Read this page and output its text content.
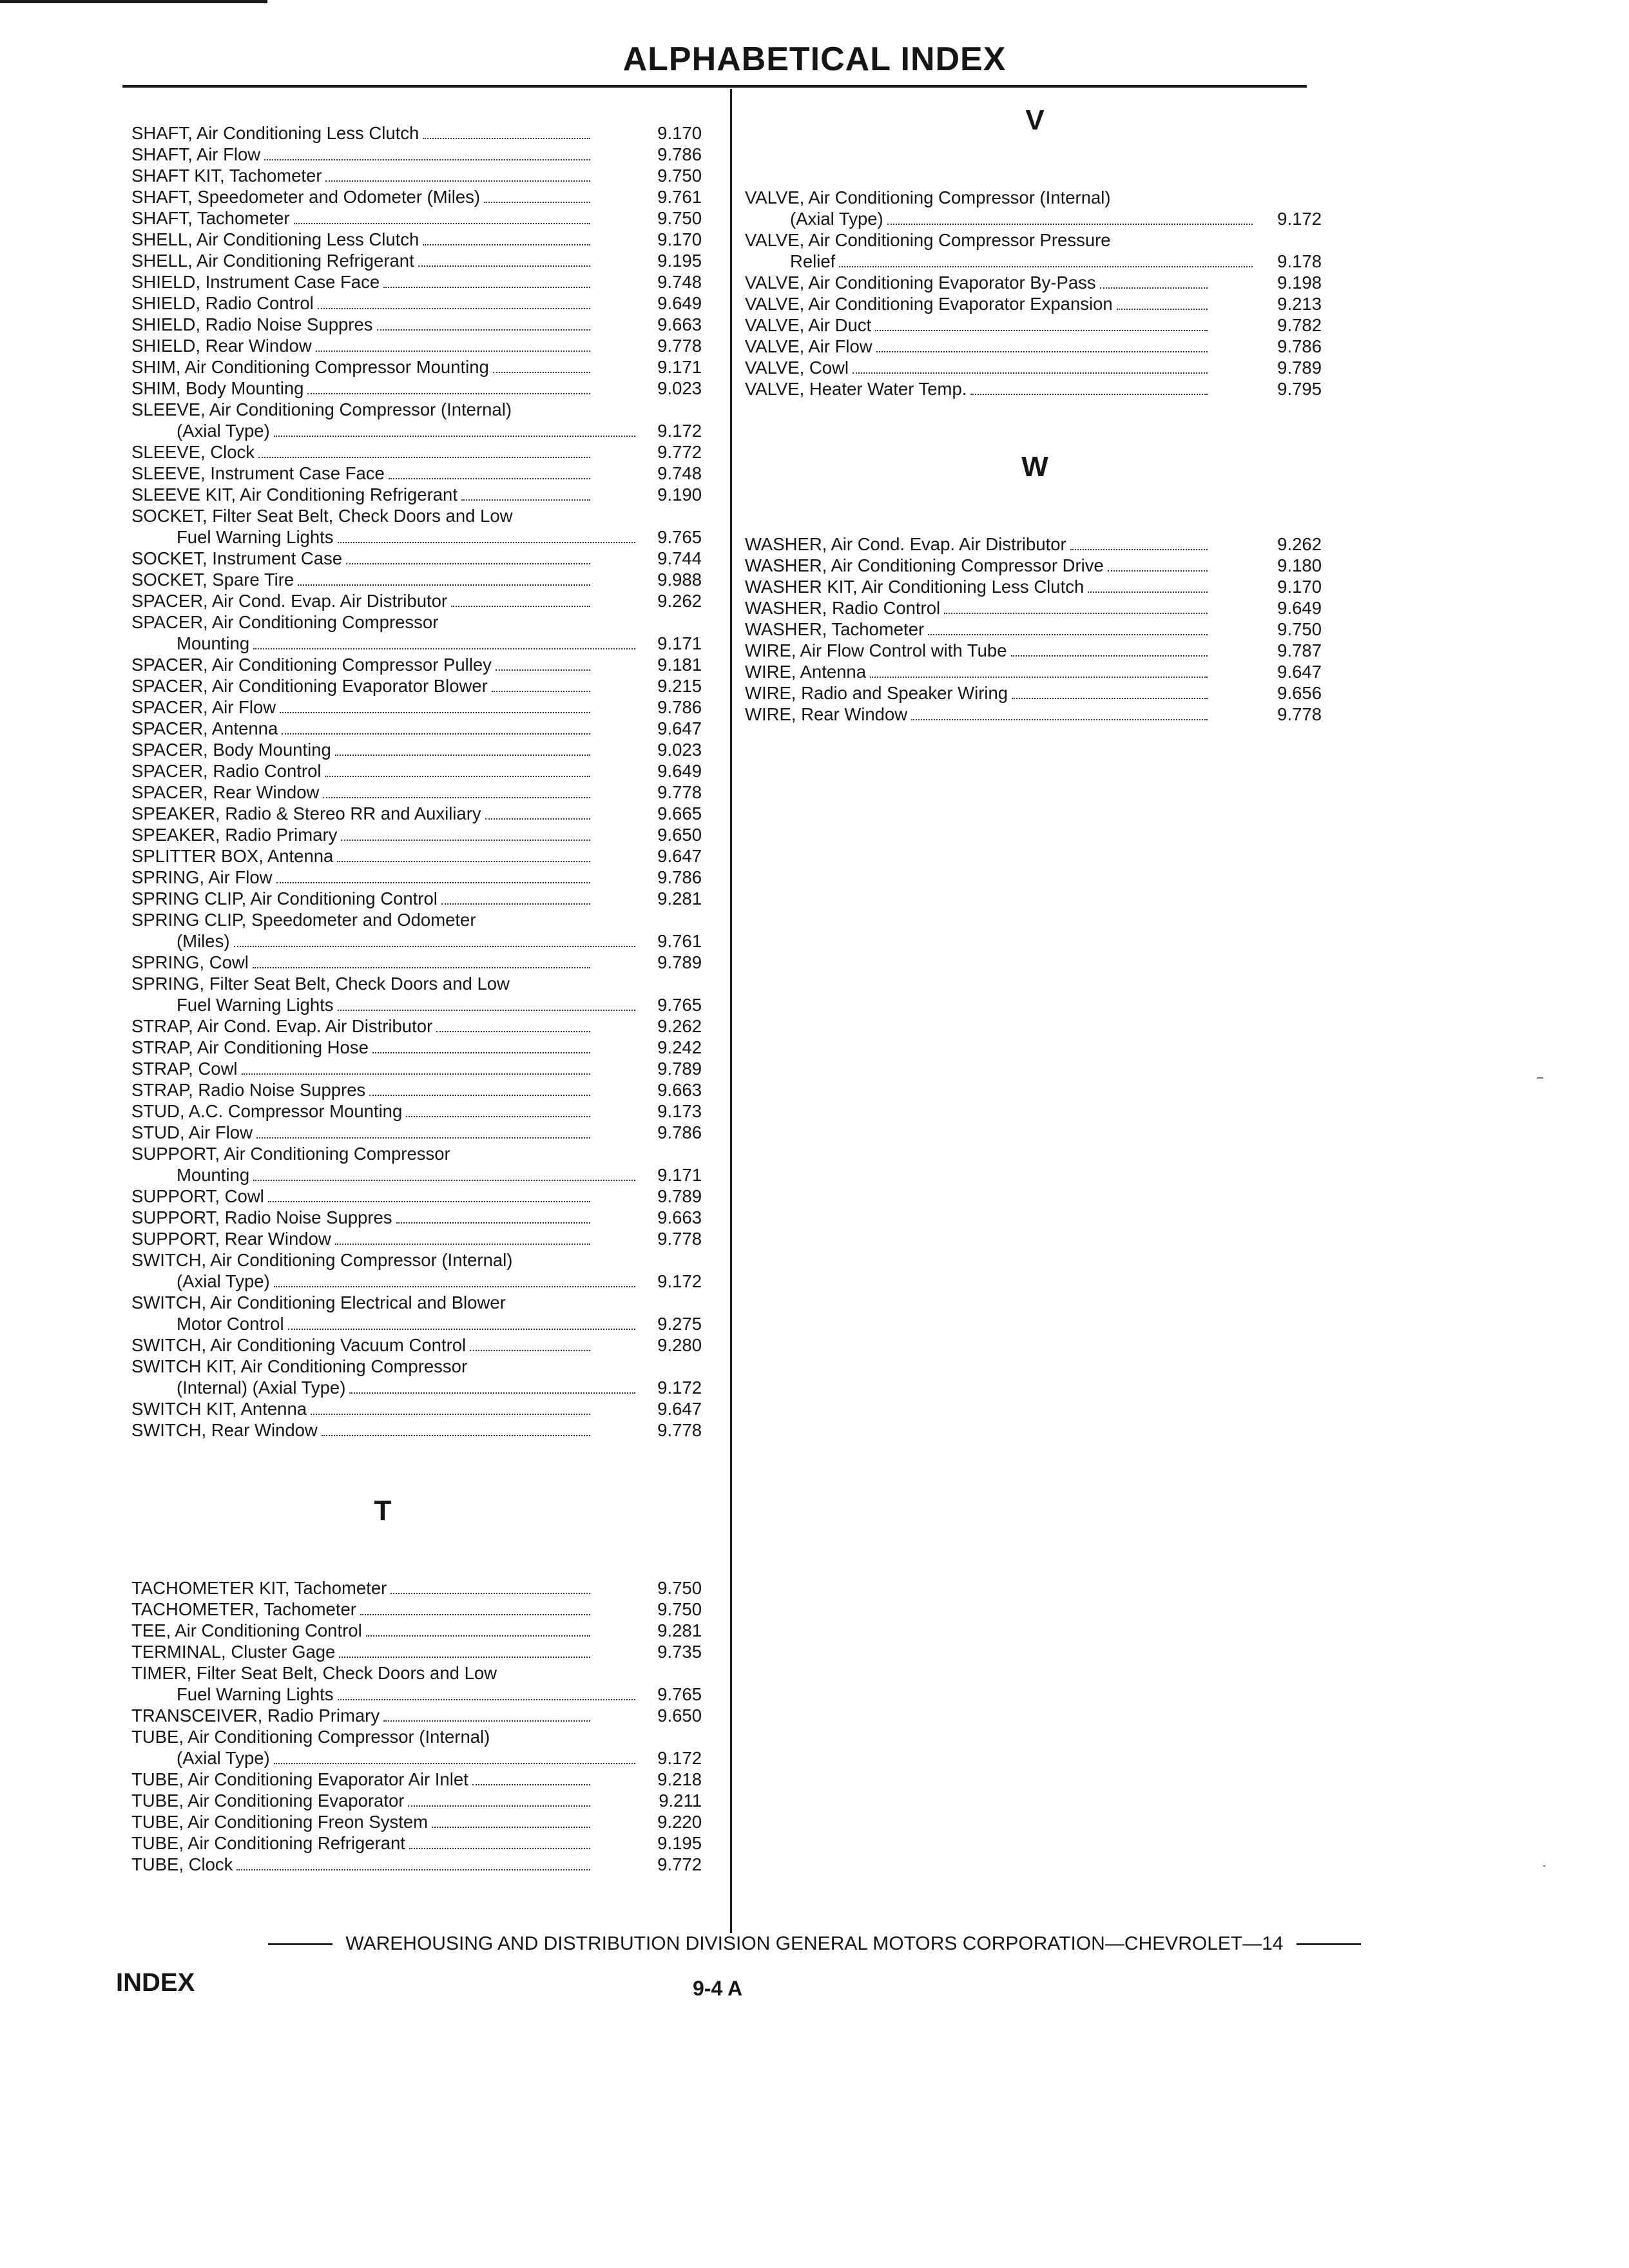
ALPHABETICAL INDEX
SHAFT, Air Conditioning Less Clutch	9.170
SHAFT, Air Flow	9.786
SHAFT KIT, Tachometer	9.750
SHAFT, Speedometer and Odometer (Miles)	9.761
SHAFT, Tachometer	9.750
SHELL, Air Conditioning Less Clutch	9.170
SHELL, Air Conditioning Refrigerant	9.195
SHIELD, Instrument Case Face	9.748
SHIELD, Radio Control	9.649
SHIELD, Radio Noise Suppres	9.663
SHIELD, Rear Window	9.778
SHIM, Air Conditioning Compressor Mounting	9.171
SHIM, Body Mounting	9.023
SLEEVE, Air Conditioning Compressor (Internal)
(Axial Type)	9.172
SLEEVE, Clock	9.772
SLEEVE, Instrument Case Face	9.748
SLEEVE KIT, Air Conditioning Refrigerant	9.190
SOCKET, Filter Seat Belt, Check Doors and Low
Fuel Warning Lights	9.765
SOCKET, Instrument Case	9.744
SOCKET, Spare Tire	9.988
SPACER, Air Cond. Evap. Air Distributor	9.262
SPACER, Air Conditioning Compressor
Mounting	9.171
SPACER, Air Conditioning Compressor Pulley	9.181
SPACER, Air Conditioning Evaporator Blower	9.215
SPACER, Air Flow	9.786
SPACER, Antenna	9.647
SPACER, Body Mounting	9.023
SPACER, Radio Control	9.649
SPACER, Rear Window	9.778
SPEAKER, Radio & Stereo RR and Auxiliary	9.665
SPEAKER, Radio Primary	9.650
SPLITTER BOX, Antenna	9.647
SPRING, Air Flow	9.786
SPRING CLIP, Air Conditioning Control	9.281
SPRING CLIP, Speedometer and Odometer
(Miles)	9.761
SPRING, Cowl	9.789
SPRING, Filter Seat Belt, Check Doors and Low
Fuel Warning Lights	9.765
STRAP, Air Cond. Evap. Air Distributor	9.262
STRAP, Air Conditioning Hose	9.242
STRAP, Cowl	9.789
STRAP, Radio Noise Suppres	9.663
STUD, A.C. Compressor Mounting	9.173
STUD, Air Flow	9.786
SUPPORT, Air Conditioning Compressor
Mounting	9.171
SUPPORT, Cowl	9.789
SUPPORT, Radio Noise Suppres	9.663
SUPPORT, Rear Window	9.778
SWITCH, Air Conditioning Compressor (Internal)
(Axial Type)	9.172
SWITCH, Air Conditioning Electrical and Blower
Motor Control	9.275
SWITCH, Air Conditioning Vacuum Control	9.280
SWITCH KIT, Air Conditioning Compressor
(Internal) (Axial Type)	9.172
SWITCH KIT, Antenna	9.647
SWITCH, Rear Window	9.778
T
TACHOMETER KIT, Tachometer	9.750
TACHOMETER, Tachometer	9.750
TEE, Air Conditioning Control	9.281
TERMINAL, Cluster Gage	9.735
TIMER, Filter Seat Belt, Check Doors and Low
Fuel Warning Lights	9.765
TRANSCEIVER, Radio Primary	9.650
TUBE, Air Conditioning Compressor (Internal)
(Axial Type)	9.172
TUBE, Air Conditioning Evaporator Air Inlet	9.218
TUBE, Air Conditioning Evaporator	9.211
TUBE, Air Conditioning Freon System	9.220
TUBE, Air Conditioning Refrigerant	9.195
TUBE, Clock	9.772
V
VALVE, Air Conditioning Compressor (Internal)
(Axial Type)	9.172
VALVE, Air Conditioning Compressor Pressure
Relief	9.178
VALVE, Air Conditioning Evaporator By-Pass	9.198
VALVE, Air Conditioning Evaporator Expansion	9.213
VALVE, Air Duct	9.782
VALVE, Air Flow	9.786
VALVE, Cowl	9.789
VALVE, Heater Water Temp.	9.795
W
WASHER, Air Cond. Evap. Air Distributor	9.262
WASHER, Air Conditioning Compressor Drive	9.180
WASHER KIT, Air Conditioning Less Clutch	9.170
WASHER, Radio Control	9.649
WASHER, Tachometer	9.750
WIRE, Air Flow Control with Tube	9.787
WIRE, Antenna	9.647
WIRE, Radio and Speaker Wiring	9.656
WIRE, Rear Window	9.778
WAREHOUSING AND DISTRIBUTION DIVISION GENERAL MOTORS CORPORATION—CHEVROLET—14
INDEX	9-4 A
